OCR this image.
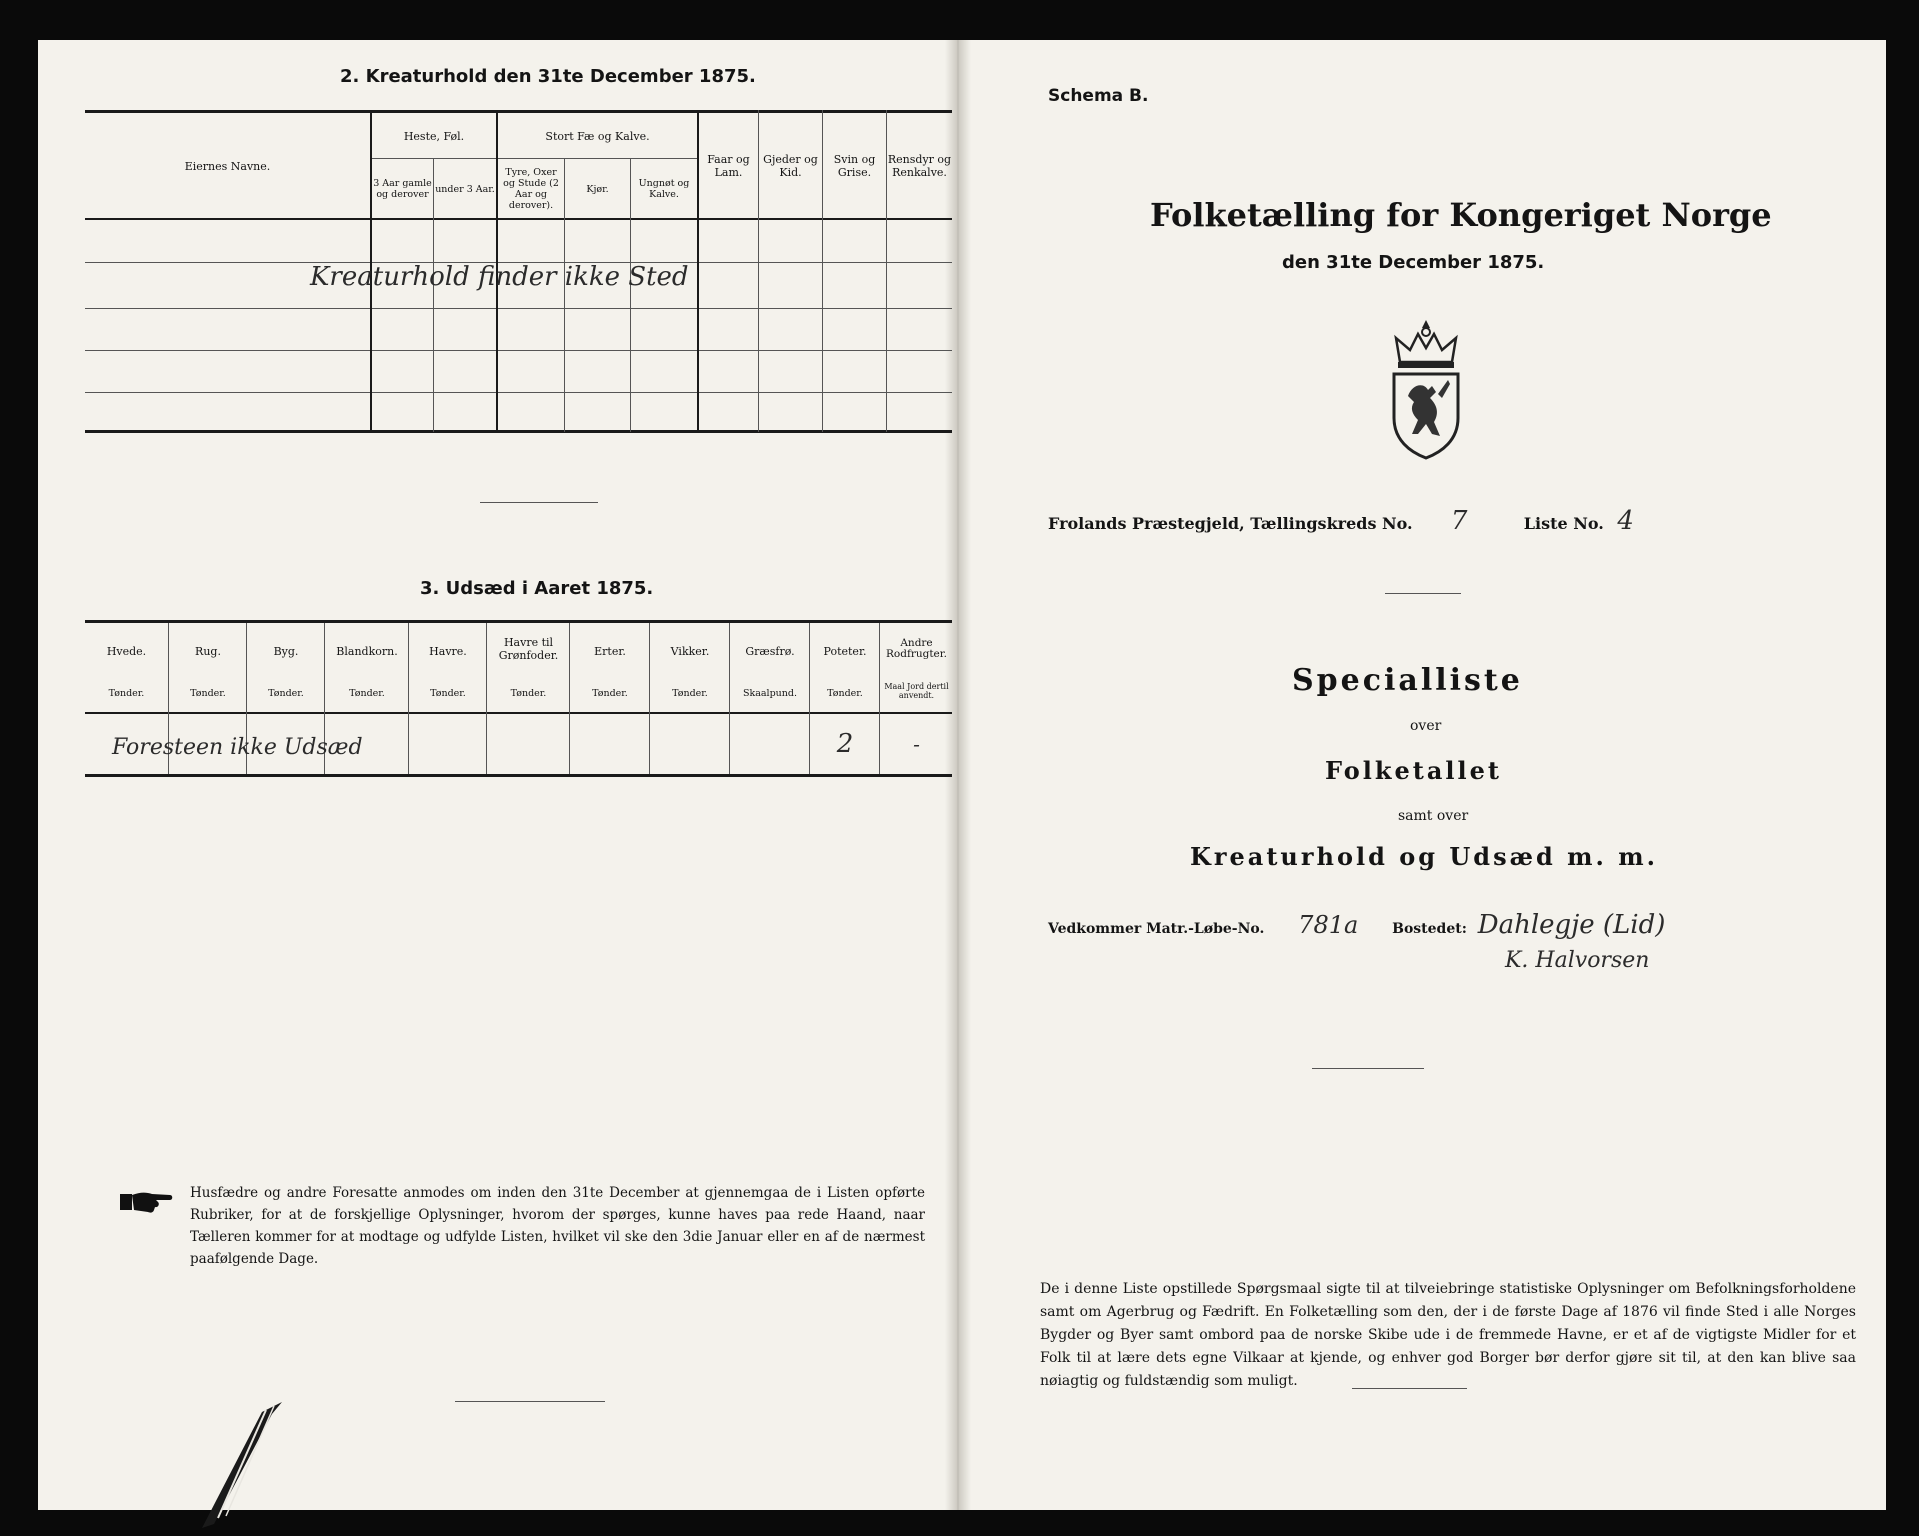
2. Kreaturhold den 31te December 1875.
Eiernes Navne.
Heste, Føl.
3 Aar gamle og derover under 3 Aar.
Stort Fæ og Kalve.
Tyre, Oxer og Stude (2 Aar og derover).
Kjør.	Ungnøt og Kalve.
Faar og Lam.
Gjeder og Kid.
Svin og Grise.
Rensdyr og Renkalve.
Kreaturhold finder ikke Sted
3. Udsæd i Aaret 1875.
Hvede.
Tønder.
Rug.
Tønder.
Byg.
Tønder.
Blandkorn.
Tønder.
Havre.
Tønder.
Havre til Grønfoder.
Tønder.
Erter.
Tønder.
Vikker.
Tønder.
Græsfrø.
Skaalpund.
Poteter.
Tønder.
2
Andre Rodfrugter.
Maal Jord dertil anvendt.
-
Foresteen ikke Udsæd
Husfædre og andre Foresatte anmodes om inden den 31te December at gjennemgaa de i Listen opførte Rubriker, for at de forskjellige Oplysninger, hvorom der spørges, kunne haves paa rede Haand, naar Tælleren kommer for at modtage og udfylde Listen, hvilket vil ske den 3die Januar eller en af de nærmest paafølgende Dage.
Schema B.
Folketælling for Kongeriget Norge
den 31te December 1875.
Frolands Præstegjeld, Tællingskreds No. 7	Liste No. 4
Specialliste
over
Folketallet
samt over
Kreaturhold og Udsæd m. m.
Vedkommer Matr.-Løbe-No. 781a Bostedet: Dahlegje (Lid)
K. Halvorsen
De i denne Liste opstillede Spørgsmaal sigte til at tilveiebringe statistiske Oplysninger om Befolkningsforholdene samt om Agerbrug og Fædrift. En Folketælling som den, der i de første Dage af 1876 vil finde Sted i alle Norges Bygder og Byer samt ombord paa de norske Skibe ude i de fremmede Havne, er et af de vigtigste Midler for et Folk til at lære dets egne Vilkaar at kjende, og enhver god Borger bør derfor gjøre sit til, at den kan blive saa nøiagtig og fuldstændig som muligt.
